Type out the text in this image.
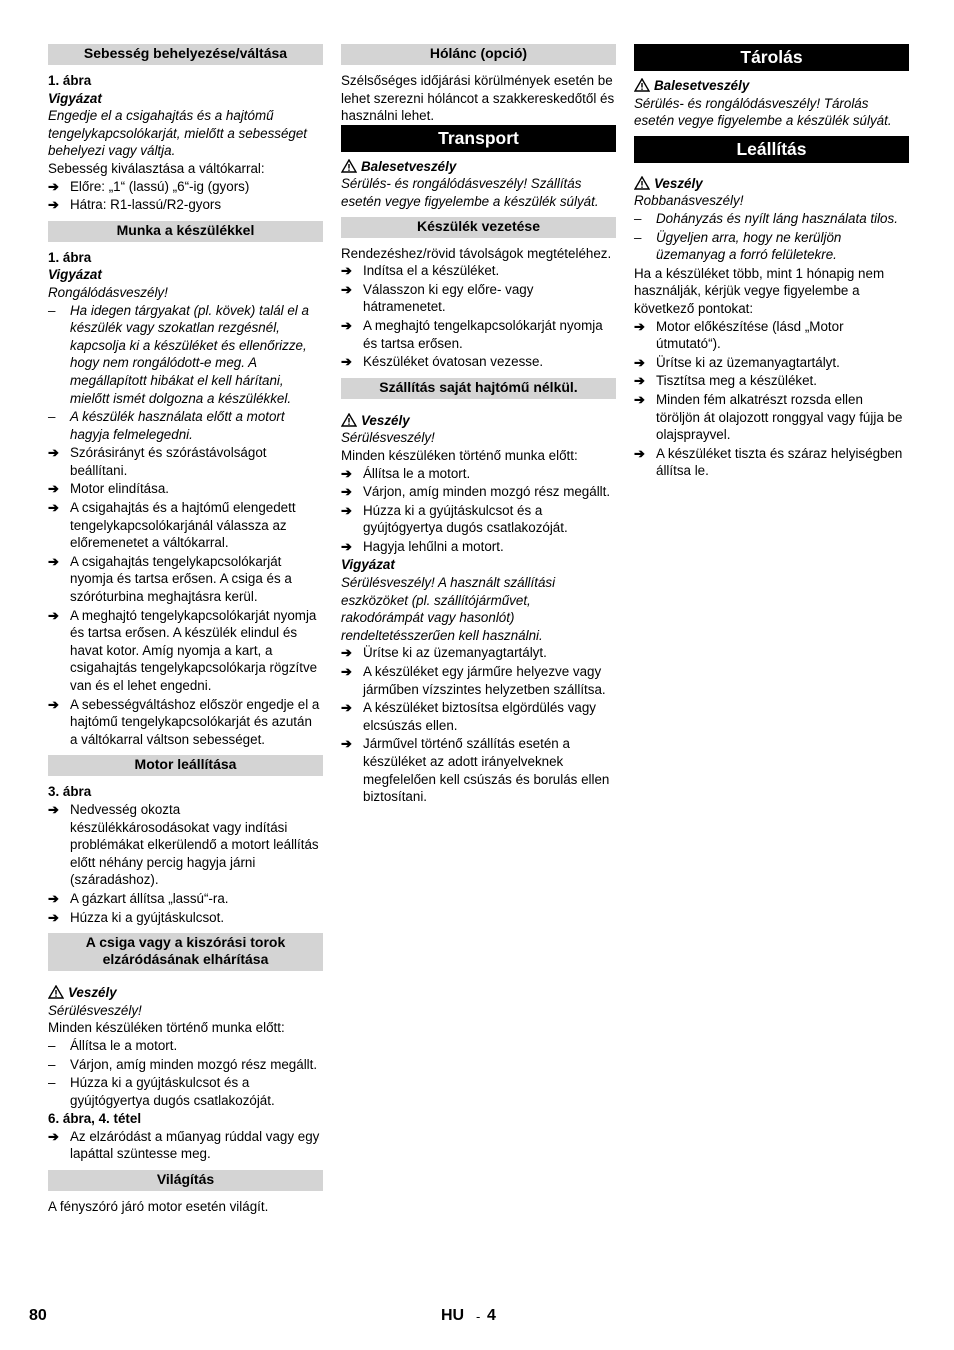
Sebesség behelyezése/váltása

1. ábra

Vigyázat

Engedje el a csigahajtás és a hajtómű tengelykapcsolókarját, mielőtt a sebességet behelyezi vagy váltja.

Sebesség kiválasztása a váltókarral:

➔ Előre: „1“ (lassú) „6“-ig (gyors)
➔ Hátra: R1-lassú/R2-gyors
Munka a készülékkel

1. ábra

Vigyázat

Rongálódásveszély!

–	Ha idegen tárgyakat (pl. kövek) talál el a készülék vagy szokatlan rezgésnél, kapcsolja ki a készüléket és ellenőrizze, hogy nem rongálódott-e meg. A megállapított hibákat el kell hárítani, mielőtt ismét dolgozna a készülékkel.
–	A készülék használata előtt a motort hagyja felmelegedni.
➔ Szórásirányt és szórástávolságot beállítani.
➔ Motor elindítása.
➔ A csigahajtás és a hajtómű elengedett tengelykapcsolókarjánál válassza az előremenetet a váltókarral.
➔ A csigahajtás tengelykapcsolókarját nyomja és tartsa erősen. A csiga és a szóróturbina meghajtásra kerül.
➔ A meghajtó tengelykapcsolókarját nyomja és tartsa erősen. A készülék elindul és havat kotor. Amíg nyomja a kart, a csigahajtás tengelykapcsolókarja rögzítve van és el lehet engedni.
➔ A sebességváltáshoz először engedje el a hajtómű tengelykapcsolókarját és azután a váltókarral váltson sebességet.
Motor leállítása

3. ábra

➔ Nedvesség okozta készülékkárosodásokat vagy indítási problémákat elkerülendő a motort leállítás előtt néhány percig hagyja járni (száradáshoz).
➔ A gázkart állítsa „lassú“-ra.
➔ Húzza ki a gyújtáskulcsot.
A csiga vagy a kiszórási torok elzáródásának elhárítása

Veszély

Sérülésveszély!

Minden készüléken történő munka előtt:

–	Állítsa le a motort.
–	Várjon, amíg minden mozgó rész megállt.
–	Húzza ki a gyújtáskulcsot és a gyújtógyertya dugós csatlakozóját.

6. ábra, 4. tétel

➔ Az elzáródást a műanyag rúddal vagy egy lapáttal szüntesse meg.
Világítás

A fényszóró járó motor esetén világít.

Hólánc (opció)

Szélsőséges időjárási körülmények esetén be lehet szerezni hóláncot a szakkereskedőtől és használni lehet.

Transport

Balesetveszély

Sérülés- és rongálódásveszély! Szállítás esetén vegye figyelembe a készülék súlyát.

Készülék vezetése

Rendezéshez/rövid távolságok megtételéhez.

➔ Indítsa el a készüléket.
➔ Válasszon ki egy előre- vagy hátramenetet.
➔ A meghajtó tengelkapcsolókarját nyomja és tartsa erősen.
➔ Készüléket óvatosan vezesse.
Szállítás saját hajtómű nélkül.

Veszély

Sérülésveszély!

Minden készüléken történő munka előtt:

➔ Állítsa le a motort.
➔ Várjon, amíg minden mozgó rész megállt.
➔ Húzza ki a gyújtáskulcsot és a gyújtógyertya dugós csatlakozóját.
➔ Hagyja lehűlni a motort.

Vigyázat

Sérülésveszély! A használt szállítási eszközöket (pl. szállítójárművet, rakodórámpát vagy hasonlót) rendeltetésszerűen kell használni.

➔ Ürítse ki az üzemanyagtartályt.
➔ A készüléket egy járműre helyezve vagy járműben vízszintes helyzetben szállítsa.
➔ A készüléket biztosítsa elgördülés vagy elcsúszás ellen.
➔ Járművel történő szállítás esetén a készüléket az adott irányelveknek megfelelően kell csúszás és borulás ellen biztosítani.
Tárolás

Balesetveszély

Sérülés- és rongálódásveszély! Tárolás esetén vegye figyelembe a készülék súlyát.

Leállítás

Veszély

Robbanásveszély!

–	Dohányzás és nyílt láng használata tilos.
–	Ügyeljen arra, hogy ne kerüljön üzemanyag a forró felületekre.

Ha a készüléket több, mint 1 hónapig nem használják, kérjük vegye figyelembe a következő pontokat:

➔ Motor előkészítése (lásd „Motor útmutató“).
➔ Ürítse ki az üzemanyagtartályt.
➔ Tisztítsa meg a készüléket.
➔ Minden fém alkatrészt rozsda ellen töröljön át olajozott ronggyal vagy fújja be olajsprayvel.
➔ A készüléket tiszta és száraz helyiségben állítsa le.
80	HU - 4
